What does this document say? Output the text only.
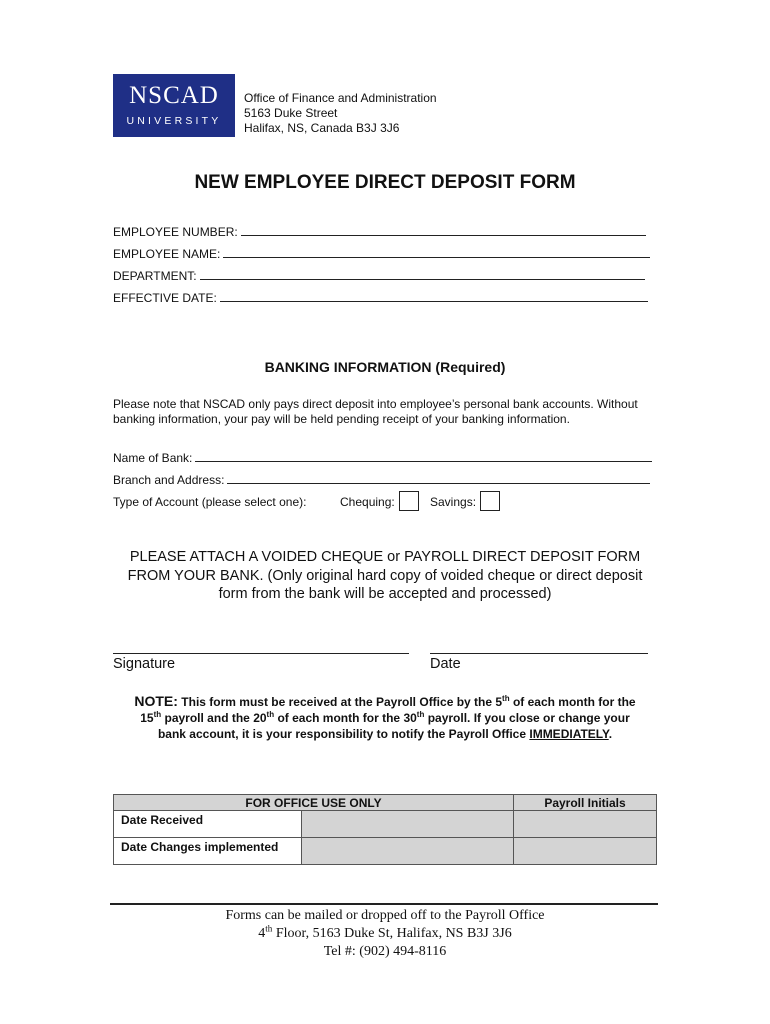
NSCAD
UNIVERSITY
Office of Finance and Administration
5163 Duke Street
Halifax, NS, Canada B3J 3J6
NEW EMPLOYEE DIRECT DEPOSIT FORM
EMPLOYEE NUMBER:
EMPLOYEE NAME:
DEPARTMENT:
EFFECTIVE DATE:
BANKING INFORMATION (Required)
Please note that NSCAD only pays direct deposit into employee’s personal bank accounts. Without banking information, your pay will be held pending receipt of your banking information.
Name of Bank:
Branch and Address:
Type of Account (please select one):	Chequing:	Savings:
PLEASE ATTACH A VOIDED CHEQUE or PAYROLL DIRECT DEPOSIT FORM
FROM YOUR BANK. (Only original hard copy of voided cheque or direct deposit
form from the bank will be accepted and processed)
Signature	Date
NOTE: This form must be received at the Payroll Office by the 5th of each month for the
15th payroll and the 20th of each month for the 30th payroll. If you close or change your
bank account, it is your responsibility to notify the Payroll Office IMMEDIATELY.
FOR OFFICE USE ONLY		Payroll Initials
Date Received		
Date Changes implemented		
Forms can be mailed or dropped off to the Payroll Office
4th Floor, 5163 Duke St, Halifax, NS B3J 3J6
Tel #: (902) 494-8116
